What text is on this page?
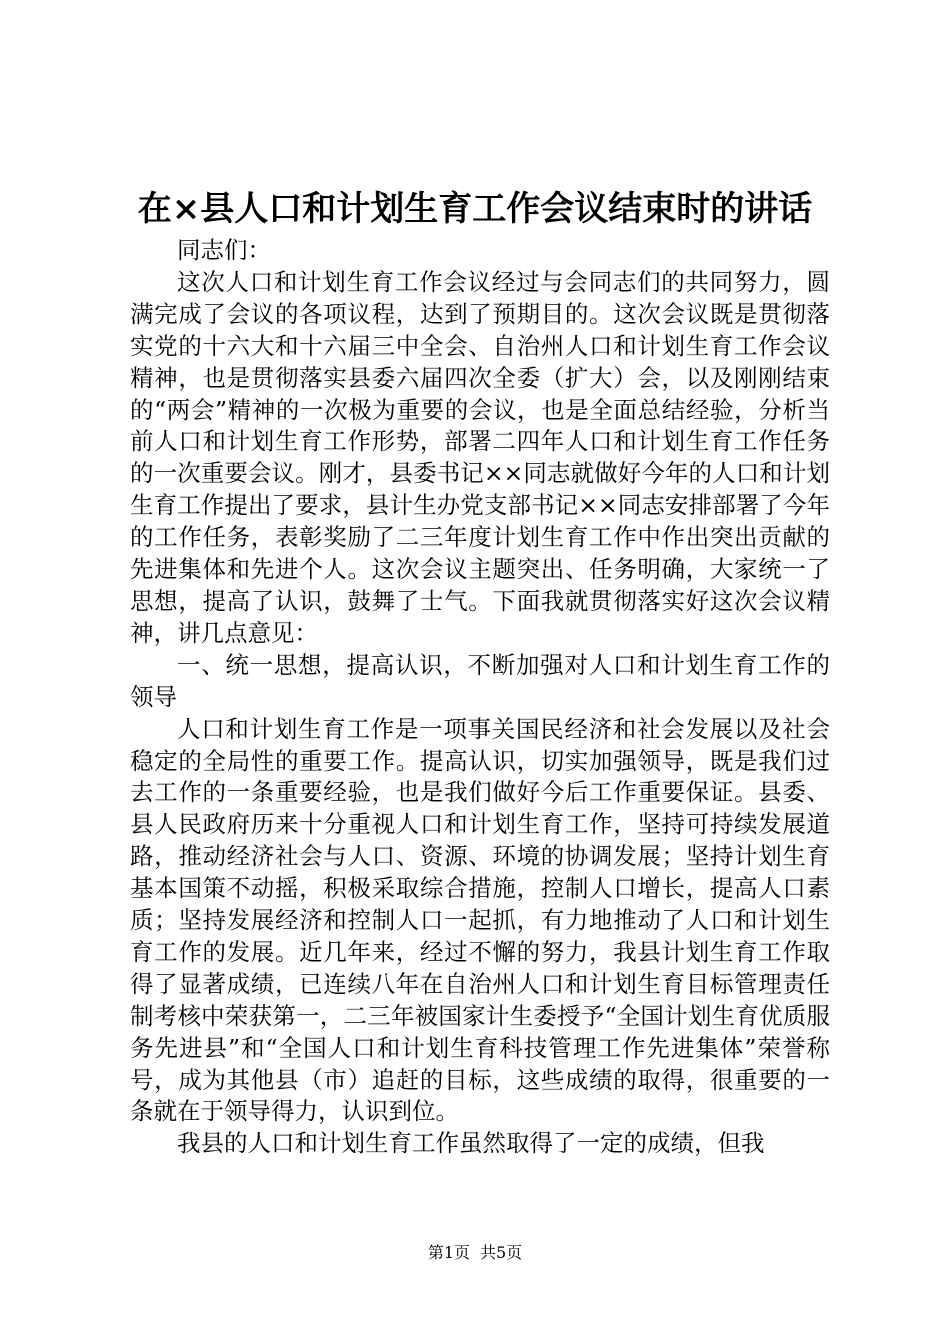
在×县人口和计划生育工作会议结束时的讲话

同志们：

这次人口和计划生育工作会议经过与会同志们的共同努力，圆满完成了会议的各项议程，达到了预期目的。这次会议既是贯彻落实党的十六大和十六届三中全会、自治州人口和计划生育工作会议精神，也是贯彻落实县委六届四次全委（扩大）会，以及刚刚结束的“两会”精神的一次极为重要的会议，也是全面总结经验，分析当前人口和计划生育工作形势，部署二四年人口和计划生育工作任务的一次重要会议。刚才，县委书记××同志就做好今年的人口和计划生育工作提出了要求，县计生办党支部书记××同志安排部署了今年的工作任务，表彰奖励了二三年度计划生育工作中作出突出贡献的先进集体和先进个人。这次会议主题突出、任务明确，大家统一了思想，提高了认识，鼓舞了士气。下面我就贯彻落实好这次会议精神，讲几点意见：

一、统一思想，提高认识，不断加强对人口和计划生育工作的领导

人口和计划生育工作是一项事关国民经济和社会发展以及社会稳定的全局性的重要工作。提高认识，切实加强领导，既是我们过去工作的一条重要经验，也是我们做好今后工作重要保证。县委、县人民政府历来十分重视人口和计划生育工作，坚持可持续发展道路，推动经济社会与人口、资源、环境的协调发展；坚持计划生育基本国策不动摇，积极采取综合措施，控制人口增长，提高人口素质；坚持发展经济和控制人口一起抓，有力地推动了人口和计划生育工作的发展。近几年来，经过不懈的努力，我县计划生育工作取得了显著成绩，已连续八年在自治州人口和计划生育目标管理责任制考核中荣获第一，二三年被国家计生委授予“全国计划生育优质服务先进县”和“全国人口和计划生育科技管理工作先进集体”荣誉称号，成为其他县（市）追赶的目标，这些成绩的取得，很重要的一条就在于领导得力，认识到位。

我县的人口和计划生育工作虽然取得了一定的成绩，但我

第1页 共5页
